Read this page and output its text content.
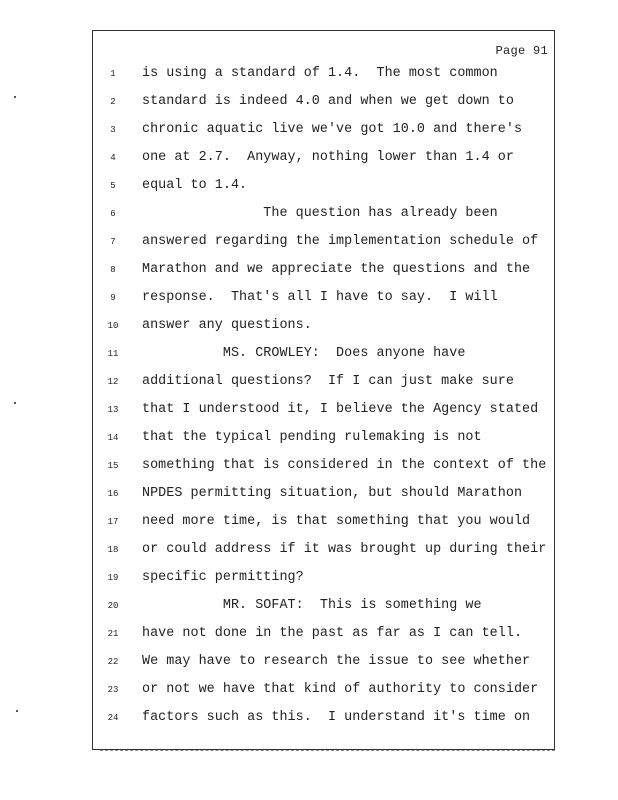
Page 91
1
2
3
4
5
6
7
8
9
10
11
12
13
14
15
16
17
18
19
20
21
22
23
24
is using a standard of 1.4.  The most common
standard is indeed 4.0 and when we get down to
chronic aquatic live we've got 10.0 and there's
one at 2.7.  Anyway, nothing lower than 1.4 or
equal to 1.4.
The question has already been
answered regarding the implementation schedule of
Marathon and we appreciate the questions and the
response.  That's all I have to say.  I will
answer any questions.
MS. CROWLEY:  Does anyone have
additional questions?  If I can just make sure
that I understood it, I believe the Agency stated
that the typical pending rulemaking is not
something that is considered in the context of the
NPDES permitting situation, but should Marathon
need more time, is that something that you would
or could address if it was brought up during their
specific permitting?
MR. SOFAT:  This is something we
have not done in the past as far as I can tell.
We may have to research the issue to see whether
or not we have that kind of authority to consider
factors such as this.  I understand it's time on
